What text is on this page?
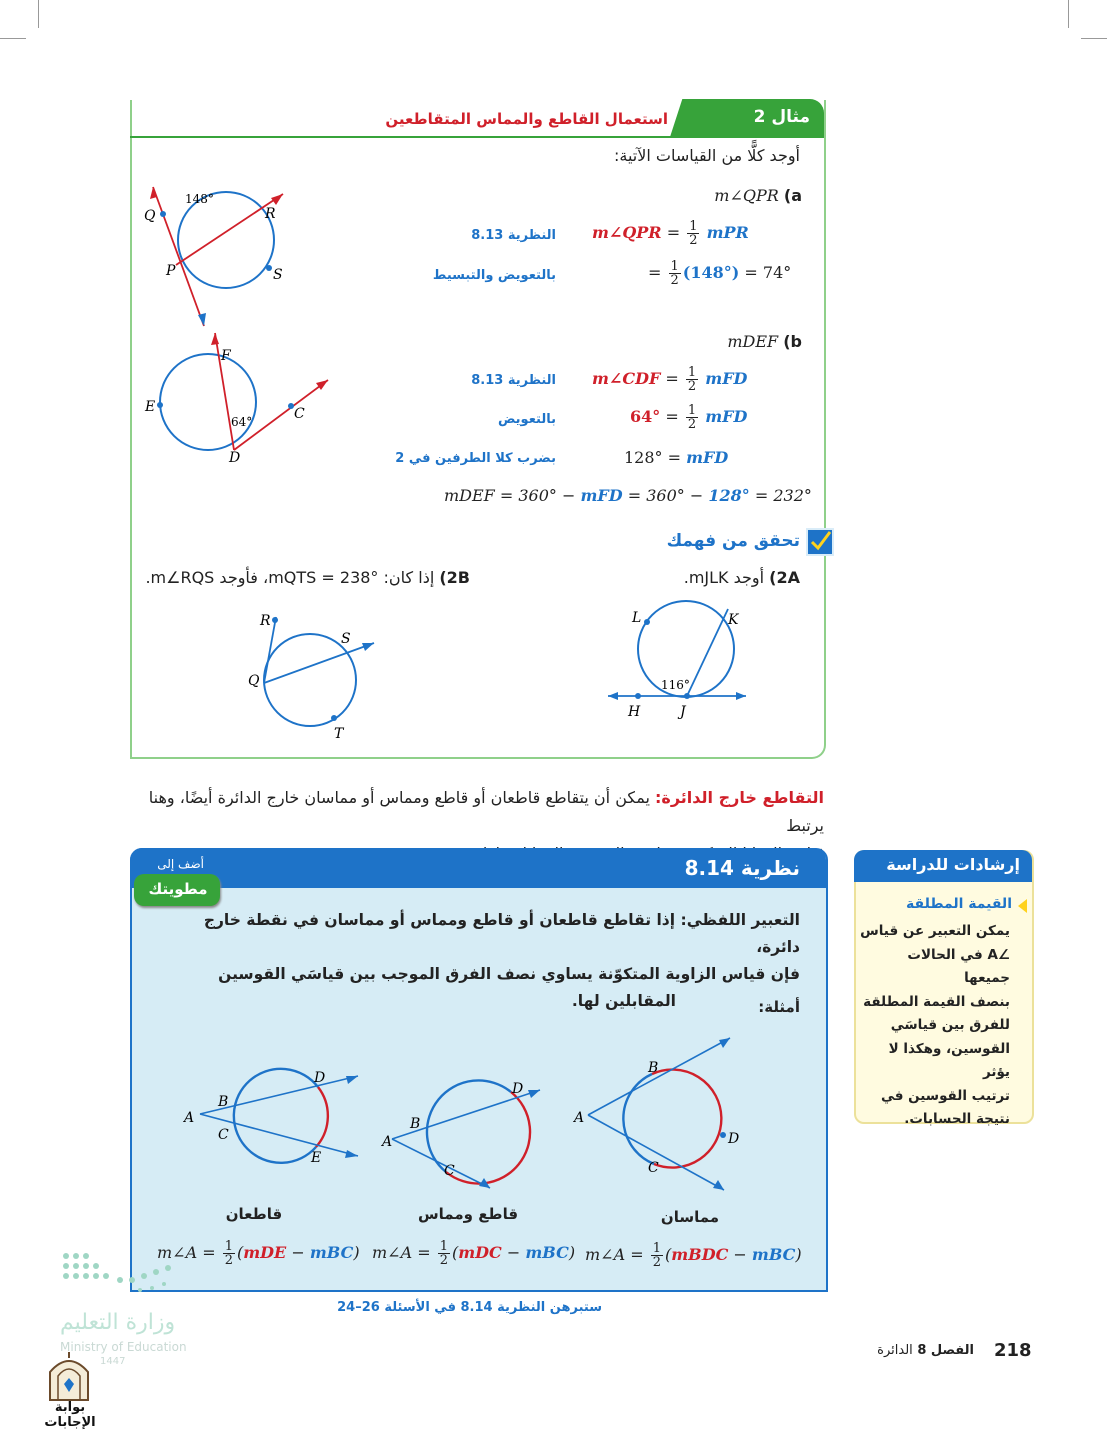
مثال 2
استعمال القاطع والمماس المتقاطعين
أوجد كلًّا من القياسات الآتية:
m∠QPR (a
m∠QPR = $\frac{1}{2}$ mPR
النظرية 8.13
= $\frac{1}{2} (148^\circ) = 74^\circ$
بالتعويض والتبسيط
mDEF (b
m∠CDF = $\frac{1}{2}$ mFD
النظرية 8.13
$64^\circ = \frac{1}{2}$ mFD
بالتعويض
128° = mFD
بضرب كلا الطرفين في 2
mDEF = 360° − mFD = 360° − 128° = 232°
148°
Q	R
P	S
F
E	C
D
64°
تحقق من فهمك
2A) أوجد mJLK.
2B) إذا كان: mQTS = 238°، فأوجد m∠RQS.
L	K
H	J
116°
R
S
Q
T
التقاطع خارج الدائرة: يمكن أن يتقاطع قاطعان أو قاطع ومماس أو مماسان خارج الدائرة أيضًا، وهنا يرتبط
نظرية 8.14
أضف إلى
مطويتك
التعبير اللفظي: إذا تقاطع قاطعان أو قاطع ومماس أو مماسان في نقطة خارج دائرة،
فإن قياس الزاوية المتكوّنة يساوي نصف الفرق الموجب بين قياسَي القوسين
المقابلين لها.	أمثلة:
A
B
C
D
A
B
C
D
A
B
C
D
E
مماسان
قاطع ومماس
قاطعان
m∠A = $\frac{1}{2}$ (mBDC − mBC)
m∠A = $\frac{1}{2} (mDC - mBC)$
m∠A = $\frac{1}{2} (mDE - mBC)$
ستبرهن النظرية 8.14 في الأسئلة 26–24
إرشادات للدراسة
القيمة المطلقة
يمكن التعبير عن قياس
∠A في الحالات جميعها
بنصف القيمة المطلقة
للفرق بين قياسَي
القوسين، وهكذا لا يؤثر
ترتيب القوسين في
نتيجة الحسابات.
218
الفصل 8 الدائرة
وزارة التعليم
Ministry of Education
1447
بوابة الإجابات
